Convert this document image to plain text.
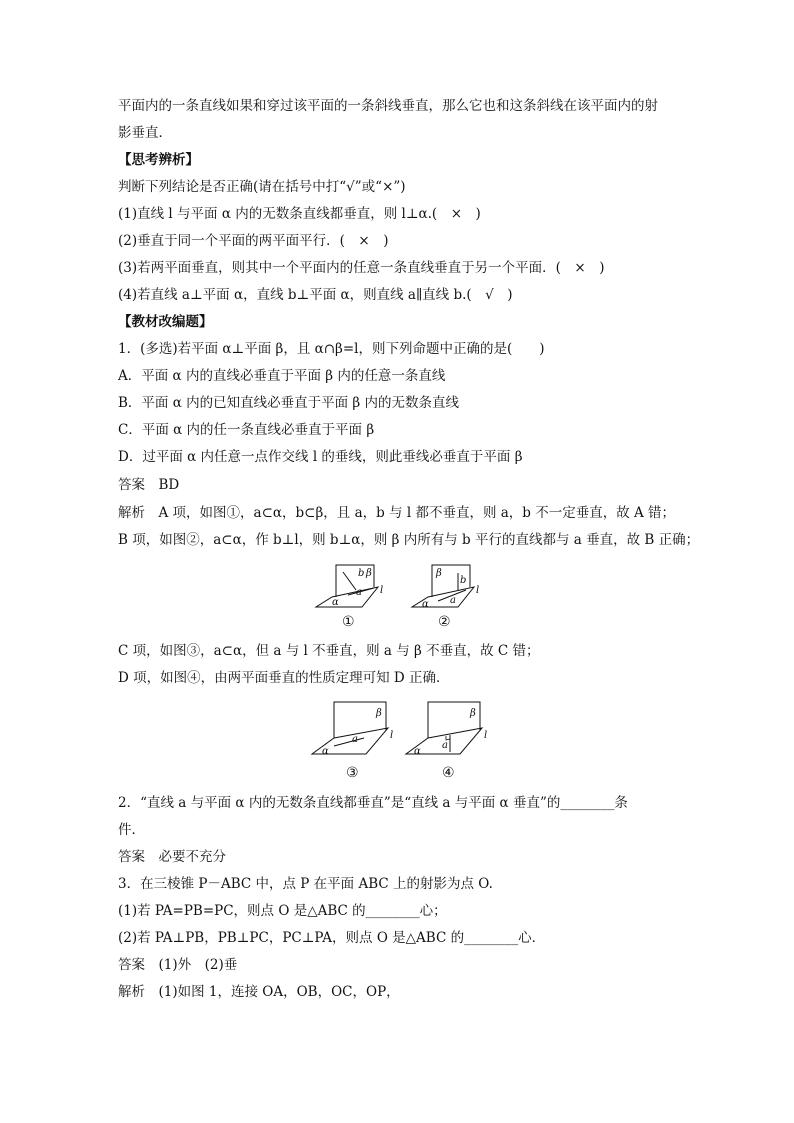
平面内的一条直线如果和穿过该平面的一条斜线垂直，那么它也和这条斜线在该平面内的射
影垂直．
【思考辨析】
判断下列结论是否正确(请在括号中打“√”或“×”)
(1)直线 l 与平面 α 内的无数条直线都垂直，则 l⊥α.(　×　)
(2)垂直于同一个平面的两平面平行．(　×　)
(3)若两平面垂直，则其中一个平面内的任意一条直线垂直于另一个平面．(　×　)
(4)若直线 a⊥平面 α，直线 b⊥平面 α，则直线 a∥直线 b.(　√　)
【教材改编题】
1．(多选)若平面 α⊥平面 β，且 α∩β=l，则下列命题中正确的是(　　)
A．平面 α 内的直线必垂直于平面 β 内的任意一条直线
B．平面 α 内的已知直线必垂直于平面 β 内的无数条直线
C．平面 α 内的任一条直线必垂直于平面 β
D．过平面 α 内任意一点作交线 l 的垂线，则此垂线必垂直于平面 β
答案　BD
解析　A 项，如图①，a⊂α，b⊂β，且 a，b 与 l 都不垂直，则 a，b 不一定垂直，故 A 错；
B 项，如图②，a⊂α，作 b⊥l，则 b⊥α，则 β 内所有与 b 平行的直线都与 a 垂直，故 B 正确；
b β
a
α
l
①
β
b
a
α
l
②
C 项，如图③，a⊂α，但 a 与 l 不垂直，则 a 与 β 不垂直，故 C 错；
D 项，如图④，由两平面垂直的性质定理可知 D 正确．
β
a
α
l
③
β
a
α
l
④
2．“直线 a 与平面 α 内的无数条直线都垂直”是“直线 a 与平面 α 垂直”的________条
件．
答案　必要不充分
3．在三棱锥 P－ABC 中，点 P 在平面 ABC 上的射影为点 O.
(1)若 PA=PB=PC，则点 O 是△ABC 的________心；
(2)若 PA⊥PB，PB⊥PC，PC⊥PA，则点 O 是△ABC 的________心．
答案　(1)外　(2)垂
解析　(1)如图 1，连接 OA，OB，OC，OP，
